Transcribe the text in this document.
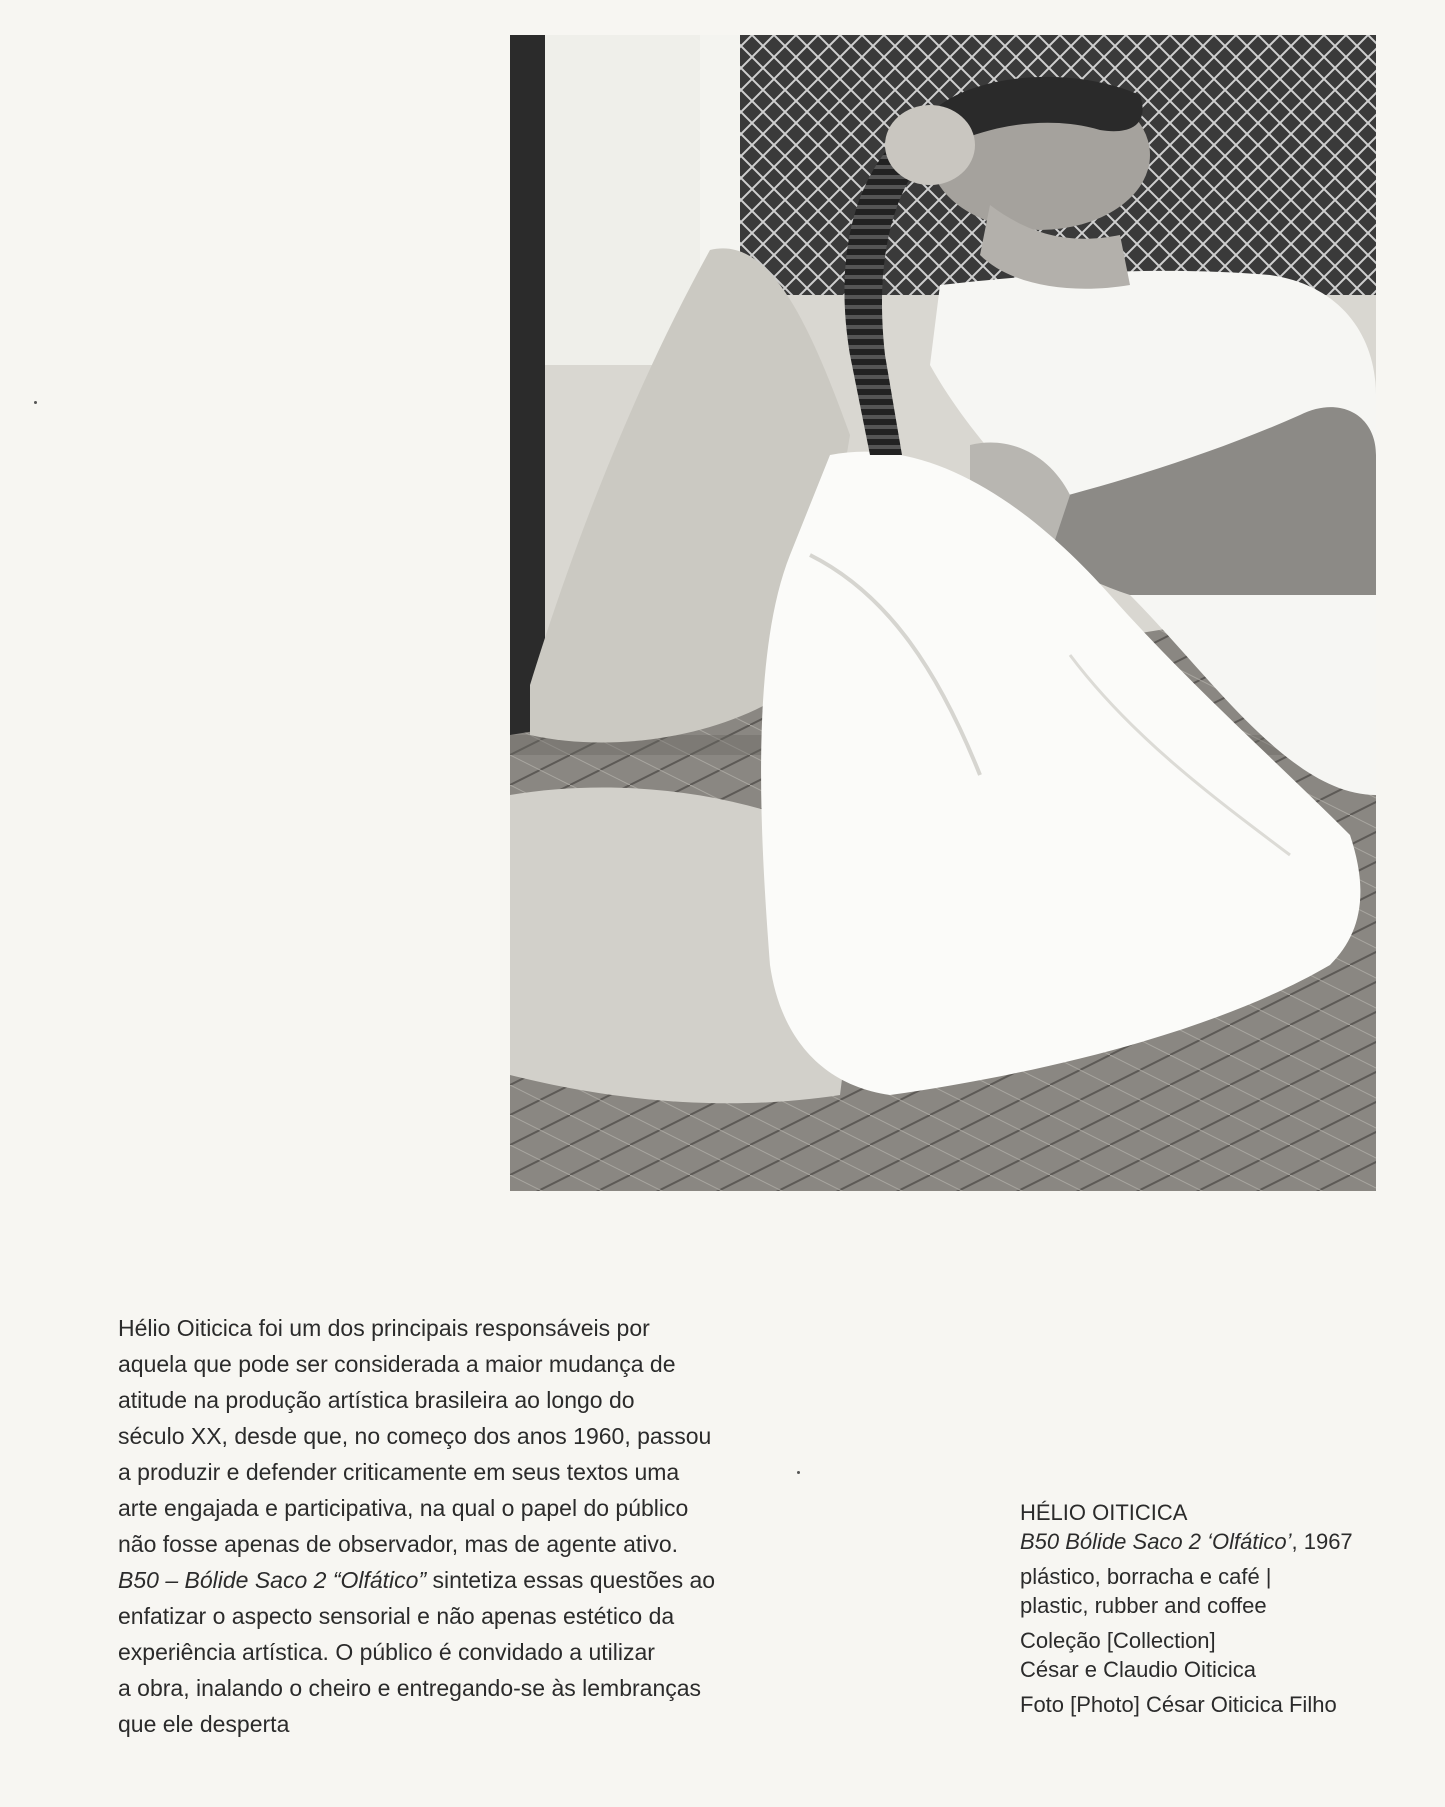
Hélio Oiticica foi um dos principais responsáveis por
aquela que pode ser considerada a maior mudança de
atitude na produção artística brasileira ao longo do
século XX, desde que, no começo dos anos 1960, passou
a produzir e defender criticamente em seus textos uma
arte engajada e participativa, na qual o papel do público
não fosse apenas de observador, mas de agente ativo.
B50 – Bólide Saco 2 “Olfático” sintetiza essas questões ao
enfatizar o aspecto sensorial e não apenas estético da
experiência artística. O público é convidado a utilizar
a obra, inalando o cheiro e entregando-se às lembranças
que ele desperta

HÉLIO OITICICA
B50 Bólide Saco 2 ‘Olfático’, 1967
plástico, borracha e café |
plastic, rubber and coffee
Coleção [Collection]
César e Claudio Oiticica
Foto [Photo] César Oiticica Filho
